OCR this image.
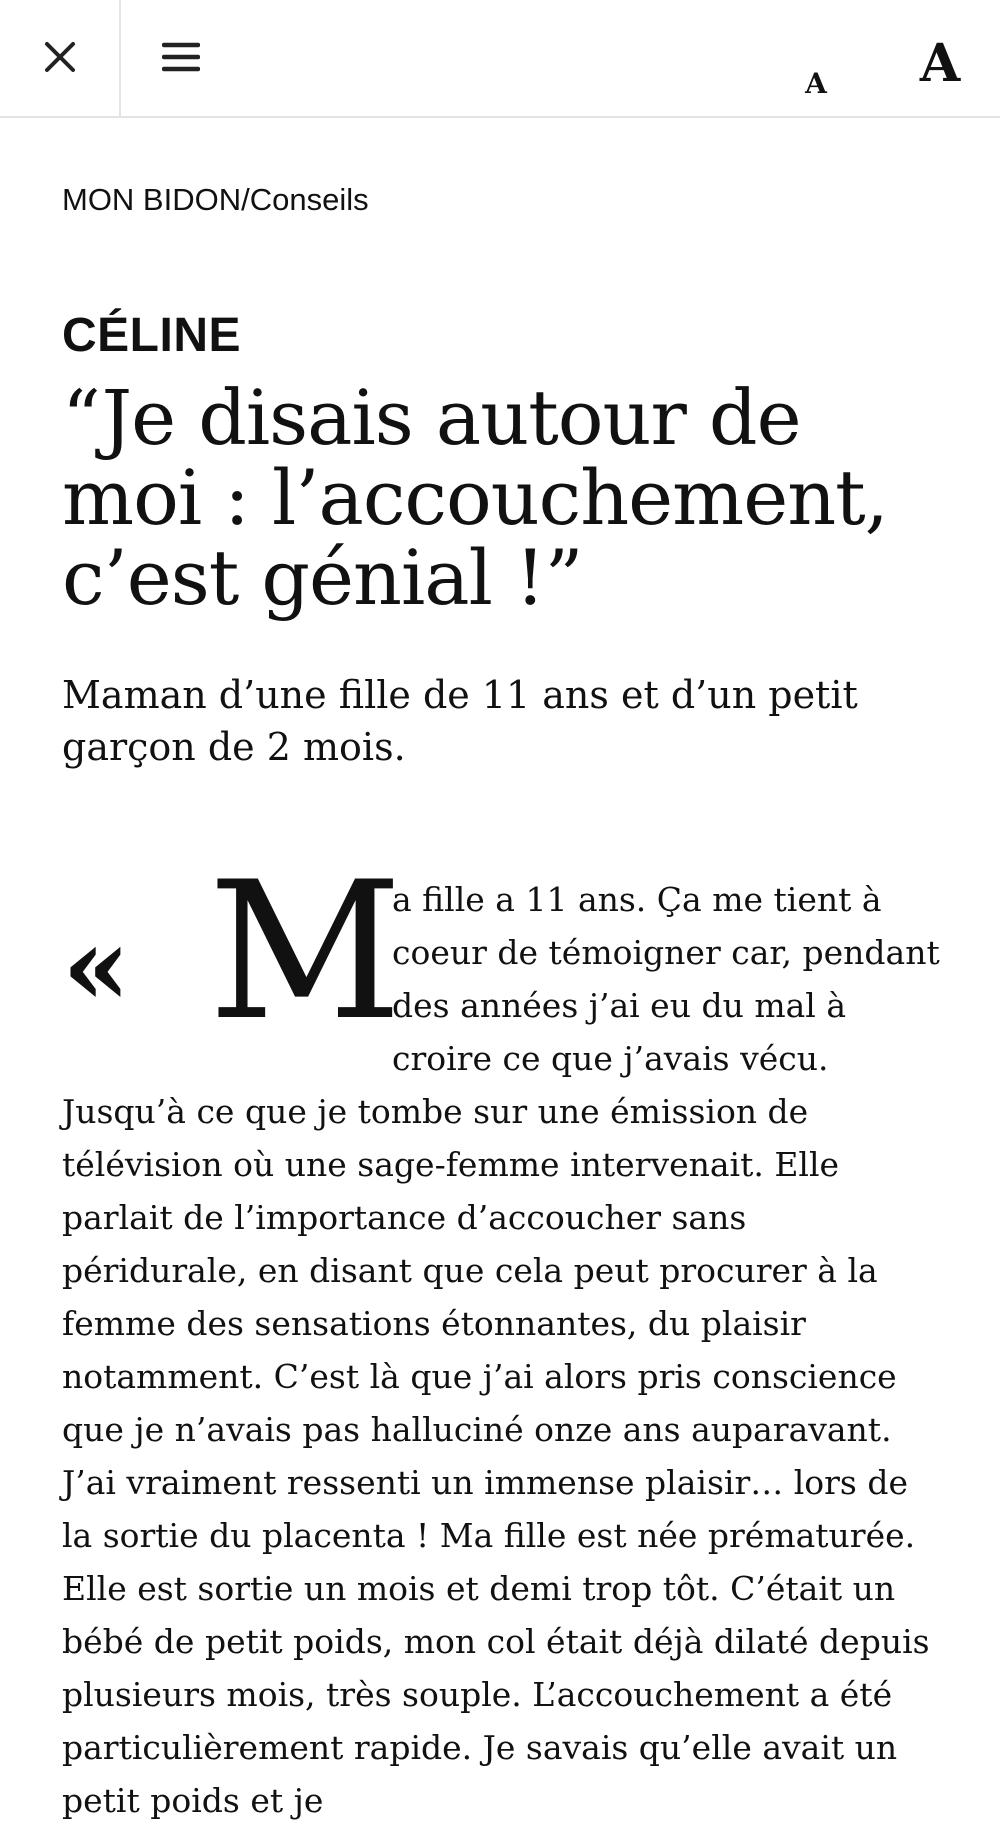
A	A
MON BIDON/Conseils
CÉLINE
“Je disais autour de moi : l’accouchement, c’est génial !”
Maman d’une fille de 11 ans et d’un petit garçon de 2 mois.
« M
a fille a 11 ans. Ça me tient à coeur de témoigner car, pendant des années j’ai eu du mal à croire ce que j’avais vécu. Jusqu’à ce que je tombe sur une émission de télévision où une sage-femme intervenait. Elle parlait de l’importance d’accoucher sans péridurale, en disant que cela peut procurer à la femme des sensations étonnantes, du plaisir notamment. C’est là que j’ai alors pris conscience que je n’avais pas halluciné onze ans auparavant. J’ai vraiment ressenti un immense plaisir… lors de la sortie du placenta ! Ma fille est née prématurée. Elle est sortie un mois et demi trop tôt. C’était un bébé de petit poids, mon col était déjà dilaté depuis plusieurs mois, très souple. L’accouchement a été particulièrement rapide. Je savais qu’elle avait un petit poids et je
